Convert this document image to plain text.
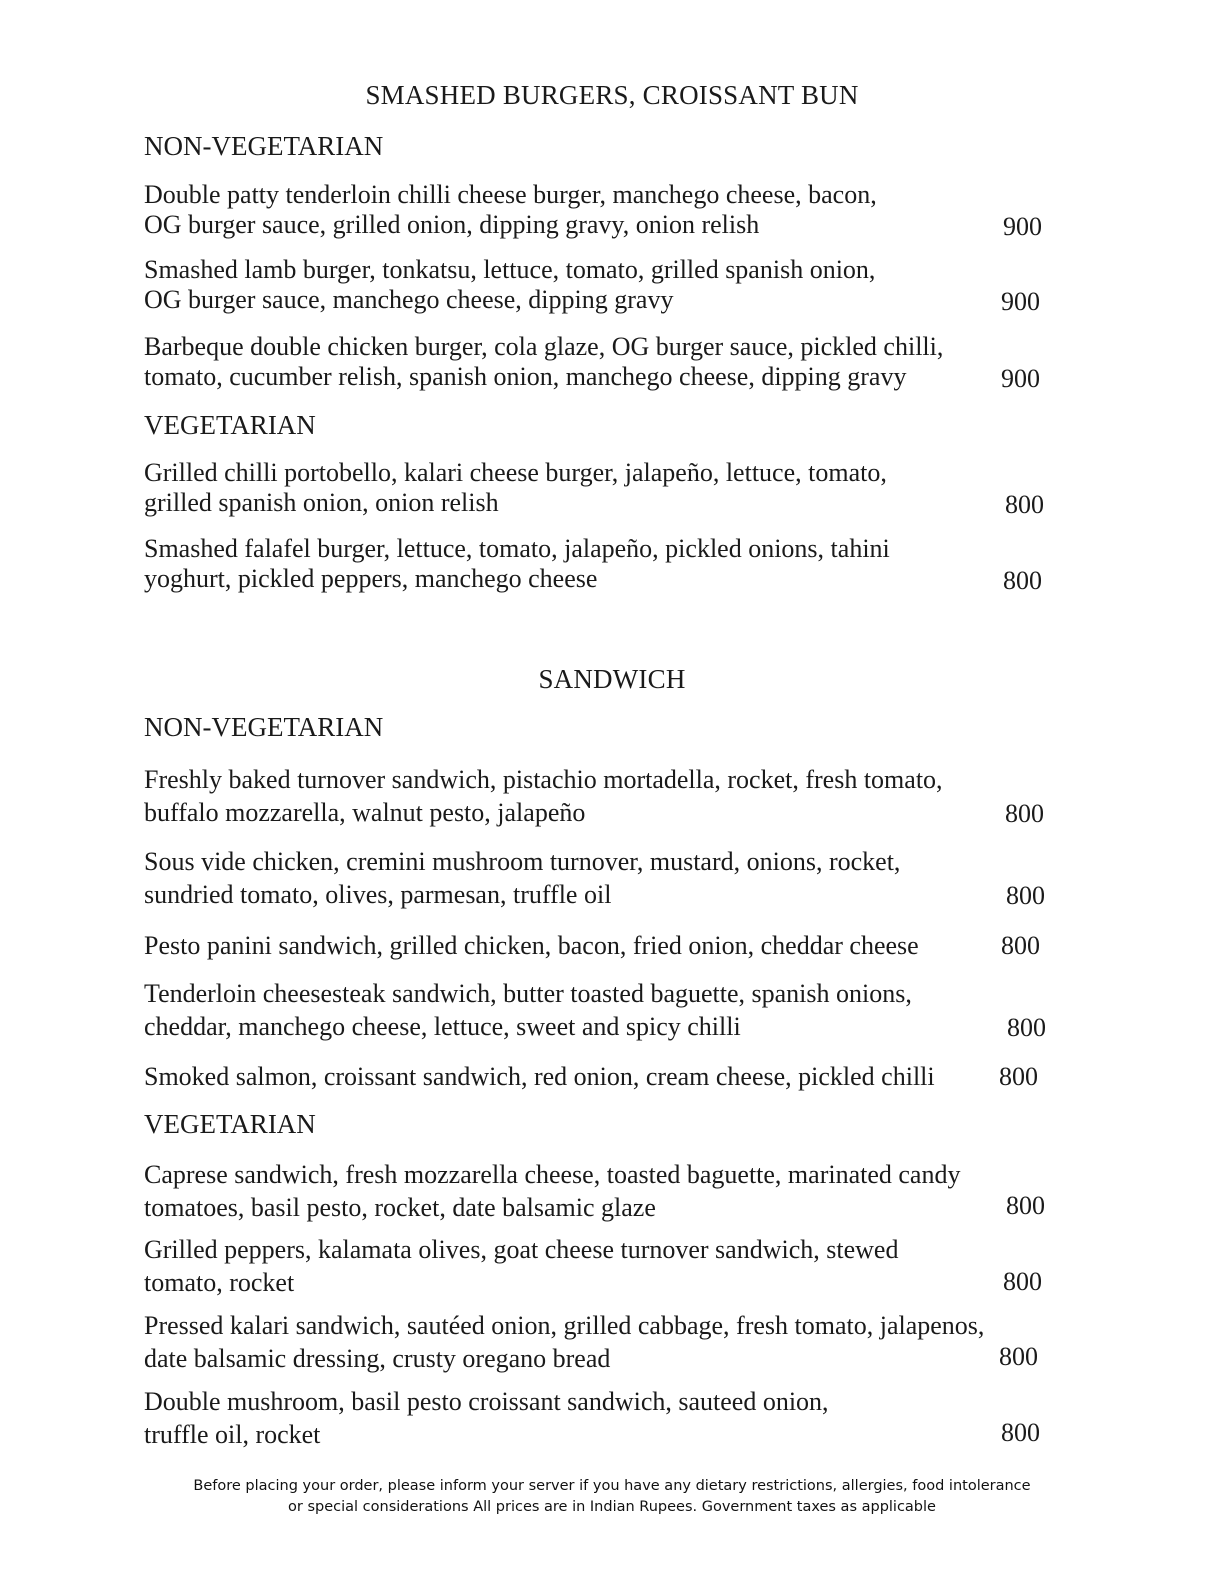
SMASHED BURGERS, CROISSANT BUN
NON-VEGETARIAN
Double patty tenderloin chilli cheese burger, manchego cheese, bacon,
OG burger sauce, grilled onion, dipping gravy, onion relish	900
Smashed lamb burger, tonkatsu, lettuce, tomato, grilled spanish onion,
OG burger sauce, manchego cheese, dipping gravy	900
Barbeque double chicken burger, cola glaze, OG burger sauce, pickled chilli,
tomato, cucumber relish, spanish onion, manchego cheese, dipping gravy	900
VEGETARIAN
Grilled chilli portobello, kalari cheese burger, jalapeño, lettuce, tomato,
grilled spanish onion, onion relish	800
Smashed falafel burger, lettuce, tomato, jalapeño, pickled onions, tahini
yoghurt, pickled peppers, manchego cheese	800
SANDWICH
NON-VEGETARIAN
Freshly baked turnover sandwich, pistachio mortadella, rocket, fresh tomato,
buffalo mozzarella, walnut pesto, jalapeño	800
Sous vide chicken, cremini mushroom turnover, mustard, onions, rocket,
sundried tomato, olives, parmesan, truffle oil	800
Pesto panini sandwich, grilled chicken, bacon, fried onion, cheddar cheese	800
Tenderloin cheesesteak sandwich, butter toasted baguette, spanish onions,
cheddar, manchego cheese, lettuce, sweet and spicy chilli	800
Smoked salmon, croissant sandwich, red onion, cream cheese, pickled chilli	800
VEGETARIAN
Caprese sandwich, fresh mozzarella cheese, toasted baguette, marinated candy
tomatoes, basil pesto, rocket, date balsamic glaze	800
Grilled peppers, kalamata olives, goat cheese turnover sandwich, stewed
tomato, rocket	800
Pressed kalari sandwich, sautéed onion, grilled cabbage, fresh tomato, jalapenos,
date balsamic dressing, crusty oregano bread	800
Double mushroom, basil pesto croissant sandwich, sauteed onion,
truffle oil, rocket	800
Before placing your order, please inform your server if you have any dietary restrictions, allergies, food intolerance
or special considerations All prices are in Indian Rupees. Government taxes as applicable
